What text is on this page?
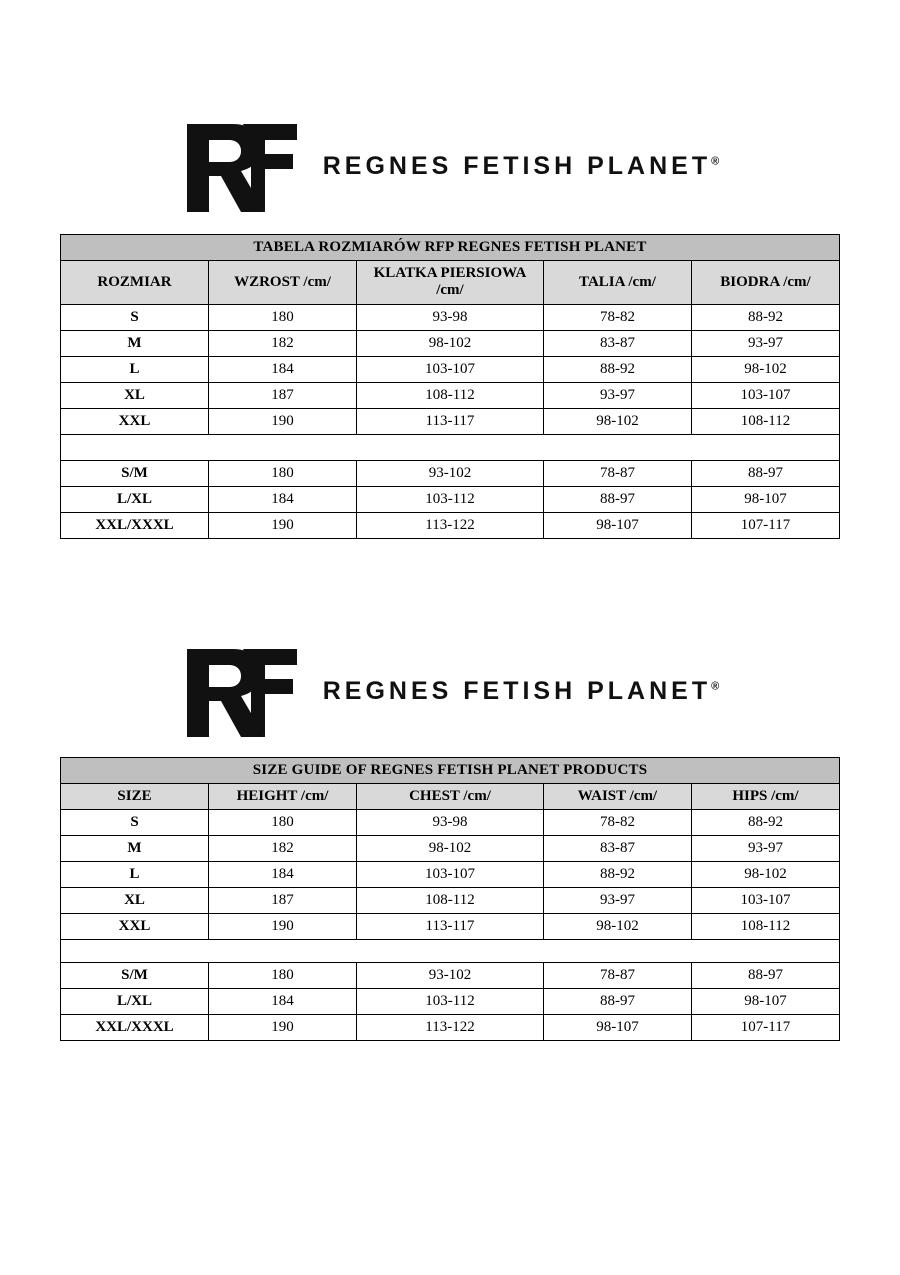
REGNES FETISH PLANET®
TABELA ROZMIARÓW RFP REGNES FETISH PLANET				
ROZMIAR	WZROST /cm/	KLATKA PIERSIOWA /cm/	TALIA /cm/	BIODRA /cm/
S	180	93-98	78-82	88-92
M	182	98-102	83-87	93-97
L	184	103-107	88-92	98-102
XL	187	108-112	93-97	103-107
XXL	190	113-117	98-102	108-112

S/M	180	93-102	78-87	88-97
L/XL	184	103-112	88-97	98-107
XXL/XXXL	190	113-122	98-107	107-117
REGNES FETISH PLANET®
SIZE GUIDE OF REGNES FETISH PLANET PRODUCTS				
SIZE	HEIGHT /cm/	CHEST /cm/	WAIST /cm/	HIPS /cm/
S	180	93-98	78-82	88-92
M	182	98-102	83-87	93-97
L	184	103-107	88-92	98-102
XL	187	108-112	93-97	103-107
XXL	190	113-117	98-102	108-112

S/M	180	93-102	78-87	88-97
L/XL	184	103-112	88-97	98-107
XXL/XXXL	190	113-122	98-107	107-117
